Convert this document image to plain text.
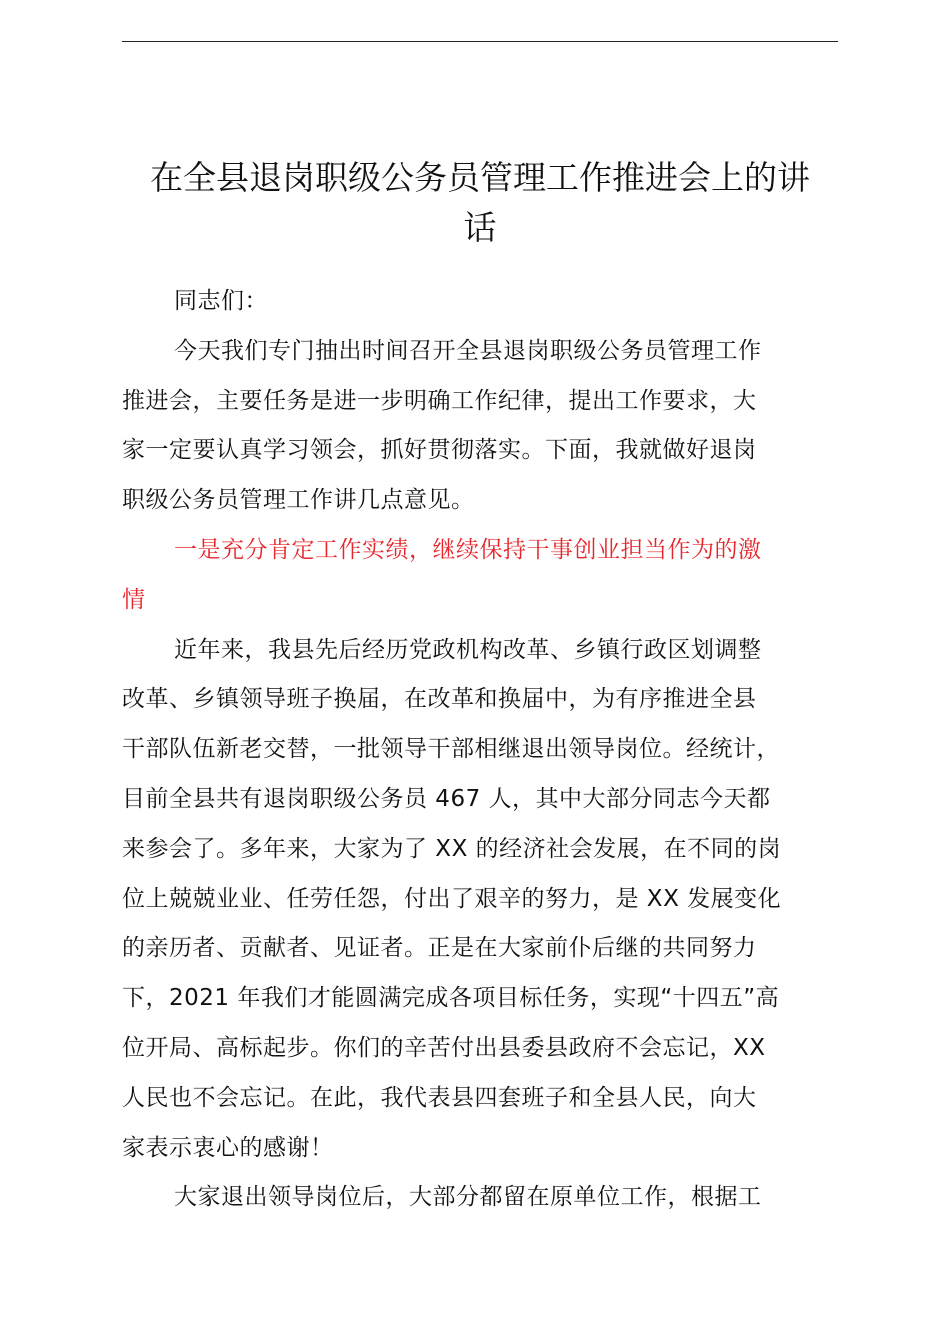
在全县退岗职级公务员管理工作推进会上的讲
话

同志们：

今天我们专门抽出时间召开全县退岗职级公务员管理工作
推进会，主要任务是进一步明确工作纪律，提出工作要求，大
家一定要认真学习领会，抓好贯彻落实。下面，我就做好退岗
职级公务员管理工作讲几点意见。

一是充分肯定工作实绩，继续保持干事创业担当作为的激
情

近年来，我县先后经历党政机构改革、乡镇行政区划调整
改革、乡镇领导班子换届，在改革和换届中，为有序推进全县
干部队伍新老交替，一批领导干部相继退出领导岗位。经统计，
目前全县共有退岗职级公务员 467 人，其中大部分同志今天都
来参会了。多年来，大家为了 XX 的经济社会发展，在不同的岗
位上兢兢业业、任劳任怨，付出了艰辛的努力，是 XX 发展变化
的亲历者、贡献者、见证者。正是在大家前仆后继的共同努力
下，2021 年我们才能圆满完成各项目标任务，实现“十四五”高
位开局、高标起步。你们的辛苦付出县委县政府不会忘记，XX
人民也不会忘记。在此，我代表县四套班子和全县人民，向大
家表示衷心的感谢！

大家退出领导岗位后，大部分都留在原单位工作，根据工
